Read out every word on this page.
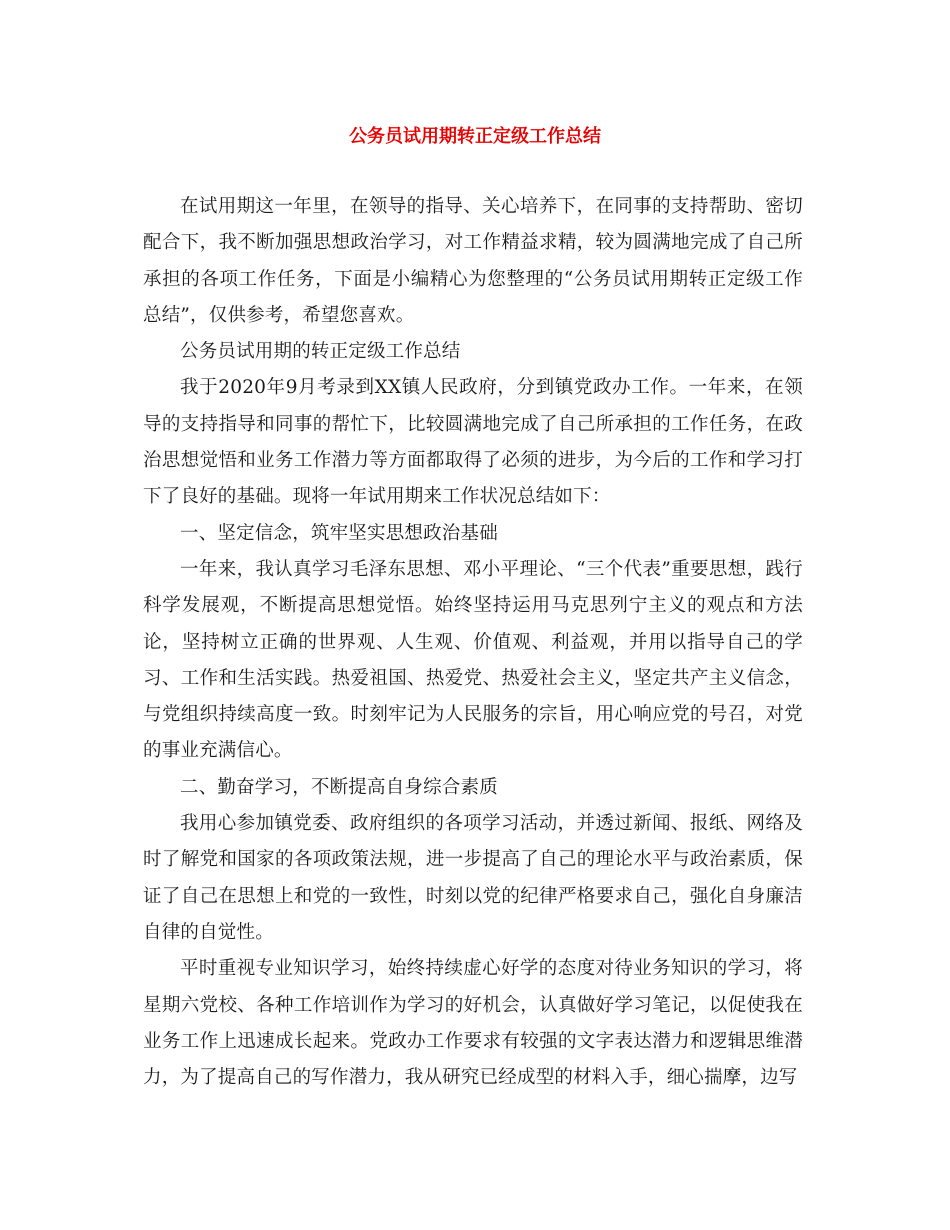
公务员试用期转正定级工作总结

在试用期这一年里，在领导的指导、关心培养下，在同事的支持帮助、密切配合下，我不断加强思想政治学习，对工作精益求精，较为圆满地完成了自己所承担的各项工作任务，下面是小编精心为您整理的“公务员试用期转正定级工作总结”，仅供参考，希望您喜欢。

公务员试用期的转正定级工作总结

我于2020年9月考录到XX镇人民政府，分到镇党政办工作。一年来，在领导的支持指导和同事的帮忙下，比较圆满地完成了自己所承担的工作任务，在政治思想觉悟和业务工作潜力等方面都取得了必须的进步，为今后的工作和学习打下了良好的基础。现将一年试用期来工作状况总结如下：

一、坚定信念，筑牢坚实思想政治基础

一年来，我认真学习毛泽东思想、邓小平理论、“三个代表”重要思想，践行科学发展观，不断提高思想觉悟。始终坚持运用马克思列宁主义的观点和方法论，坚持树立正确的世界观、人生观、价值观、利益观，并用以指导自己的学习、工作和生活实践。热爱祖国、热爱党、热爱社会主义，坚定共产主义信念，与党组织持续高度一致。时刻牢记为人民服务的宗旨，用心响应党的号召，对党的事业充满信心。

二、勤奋学习，不断提高自身综合素质

我用心参加镇党委、政府组织的各项学习活动，并透过新闻、报纸、网络及时了解党和国家的各项政策法规，进一步提高了自己的理论水平与政治素质，保证了自己在思想上和党的一致性，时刻以党的纪律严格要求自己，强化自身廉洁自律的自觉性。

平时重视专业知识学习，始终持续虚心好学的态度对待业务知识的学习，将星期六党校、各种工作培训作为学习的好机会，认真做好学习笔记，以促使我在业务工作上迅速成长起来。党政办工作要求有较强的文字表达潜力和逻辑思维潜力，为了提高自己的写作潜力，我从研究已经成型的材料入手，细心揣摩，边写
